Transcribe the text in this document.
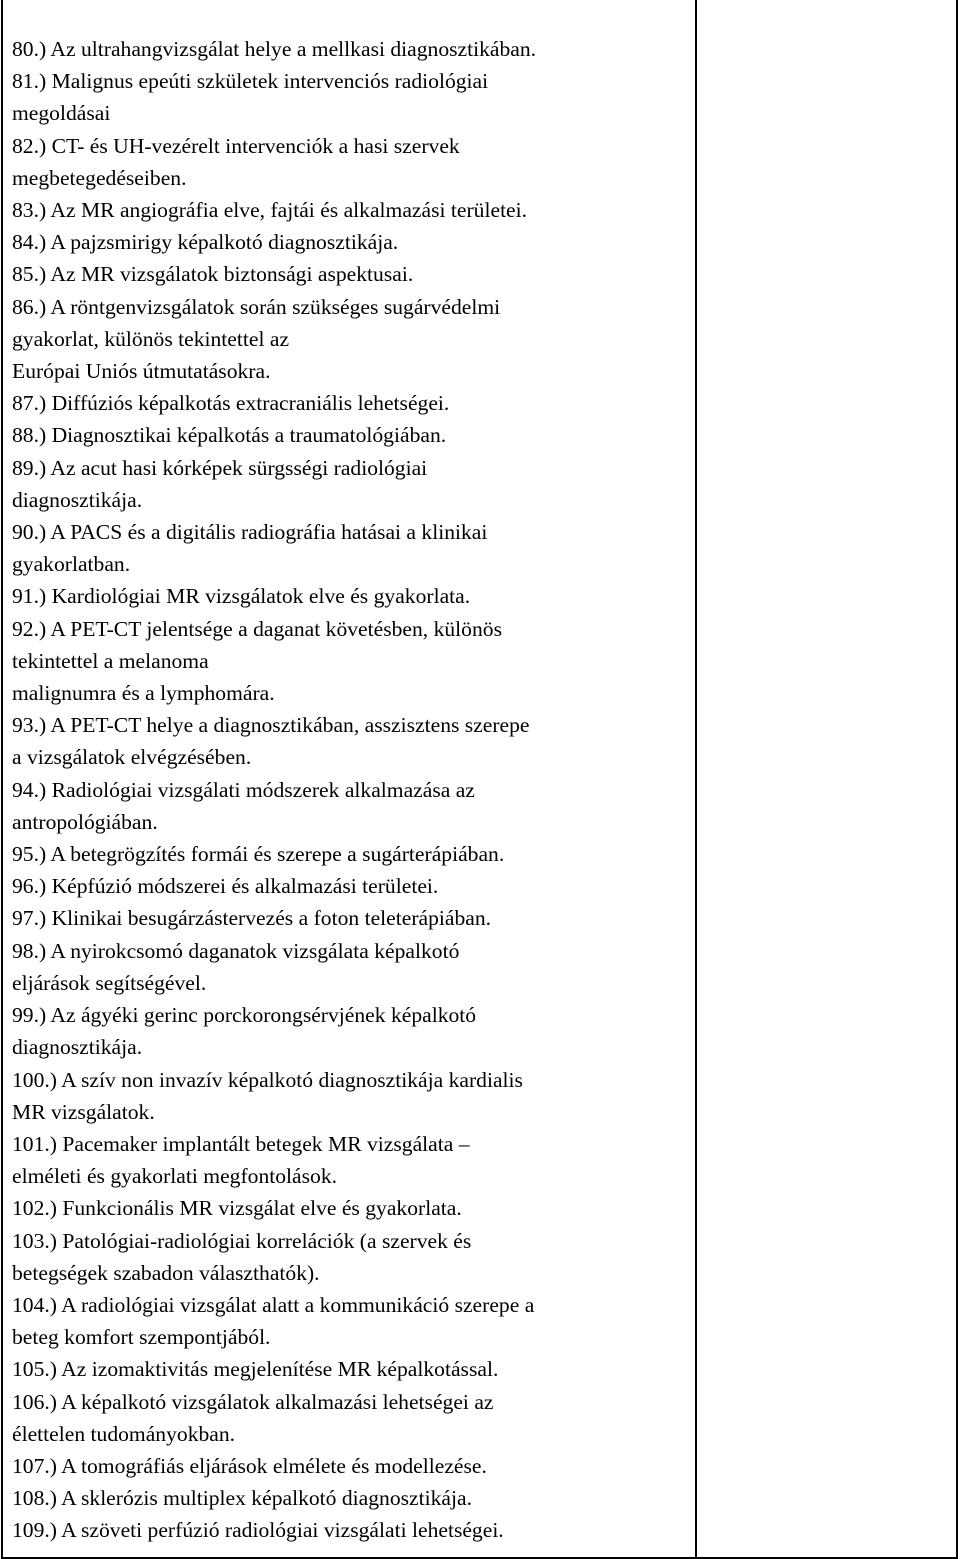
80.) Az ultrahangvizsgálat helye a mellkasi diagnosztikában.
81.) Malignus epeúti szkületek intervenciós radiológiai
megoldásai
82.) CT- és UH-vezérelt intervenciók a hasi szervek
megbetegedéseiben.
83.) Az MR angiográfia elve, fajtái és alkalmazási területei.
84.) A pajzsmirigy képalkotó diagnosztikája.
85.) Az MR vizsgálatok biztonsági aspektusai.
86.) A röntgenvizsgálatok során szükséges sugárvédelmi
gyakorlat, különös tekintettel az
Európai Uniós útmutatásokra.
87.) Diffúziós képalkotás extracraniális lehetségei.
88.) Diagnosztikai képalkotás a traumatológiában.
89.) Az acut hasi kórképek sürgsségi radiológiai
diagnosztikája.
90.) A PACS és a digitális radiográfia hatásai a klinikai
gyakorlatban.
91.) Kardiológiai MR vizsgálatok elve és gyakorlata.
92.) A PET-CT jelentsége a daganat követésben, különös
tekintettel a melanoma
malignumra és a lymphomára.
93.) A PET-CT helye a diagnosztikában, asszisztens szerepe
a vizsgálatok elvégzésében.
94.) Radiológiai vizsgálati módszerek alkalmazása az
antropológiában.
95.) A betegrögzítés formái és szerepe a sugárterápiában.
96.) Képfúzió módszerei és alkalmazási területei.
97.) Klinikai besugárzástervezés a foton teleterápiában.
98.) A nyirokcsomó daganatok vizsgálata képalkotó
eljárások segítségével.
99.) Az ágyéki gerinc porckorongsérvjének képalkotó
diagnosztikája.
100.) A szív non invazív képalkotó diagnosztikája kardialis
MR vizsgálatok.
101.) Pacemaker implantált betegek MR vizsgálata –
elméleti és gyakorlati megfontolások.
102.) Funkcionális MR vizsgálat elve és gyakorlata.
103.) Patológiai-radiológiai korrelációk (a szervek és
betegségek szabadon választhatók).
104.) A radiológiai vizsgálat alatt a kommunikáció szerepe a
beteg komfort szempontjából.
105.) Az izomaktivitás megjelenítése MR képalkotással.
106.) A képalkotó vizsgálatok alkalmazási lehetségei az
élettelen tudományokban.
107.) A tomográfiás eljárások elmélete és modellezése.
108.) A sklerózis multiplex képalkotó diagnosztikája.
109.) A szöveti perfúzió radiológiai vizsgálati lehetségei.
